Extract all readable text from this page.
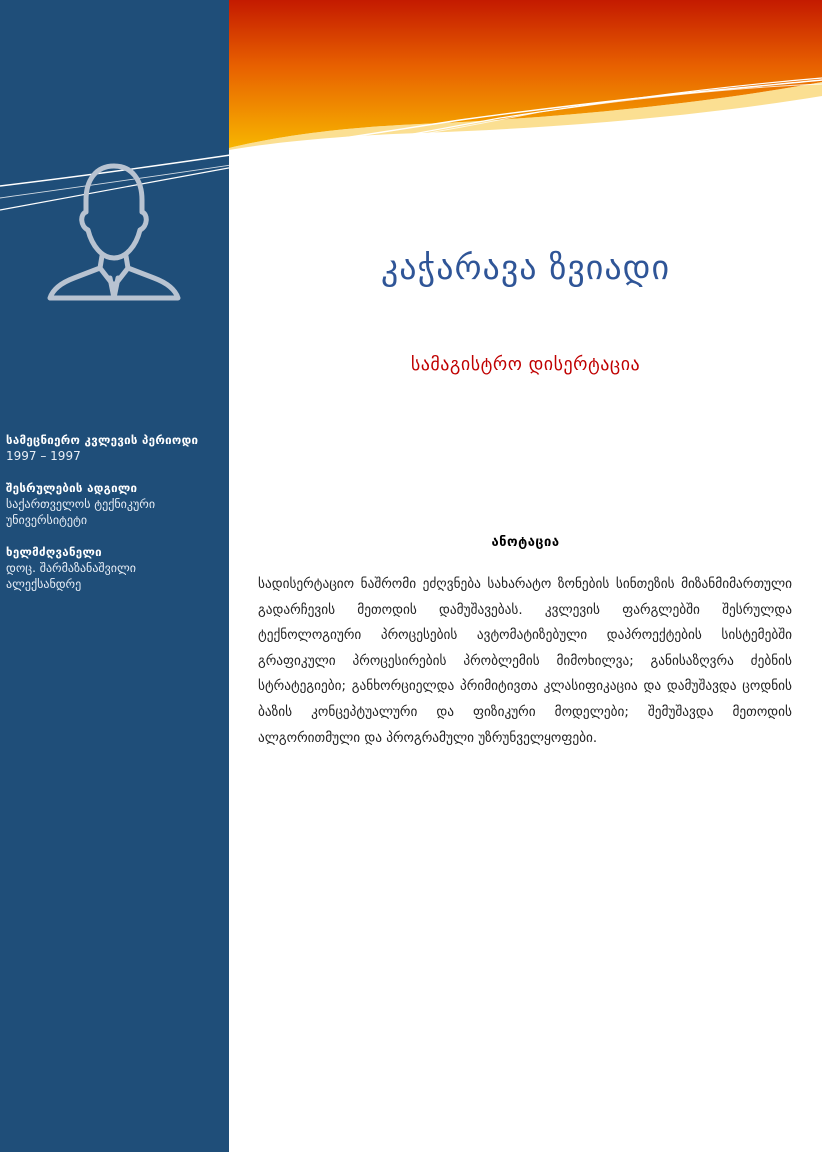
სამეცნიერო კვლევის პერიოდი
1997 – 1997
შესრულების ადგილი
საქართველოს ტექნიკური
უნივერსიტეტი
ხელმძღვანელი
დოც. შარმაზანაშვილი
ალექსანდრე
კაჭარავა ზვიადი
სამაგისტრო დისერტაცია
ანოტაცია
სადისერტაციო ნაშრომი ეძღვნება სახარატო ზონების სინთეზის მიზანმიმართული გადარჩევის მეთოდის დამუშავებას. კვლევის ფარგლებში შესრულდა ტექნოლოგიური პროცესების ავტომატიზებული დაპროექტების სისტემებში გრაფიკული პროცესირების პრობლემის მიმოხილვა; განისაზღვრა ძებნის სტრატეგიები; განხორციელდა პრიმიტივთა კლასიფიკაცია და დამუშავდა ცოდნის ბაზის კონცეპტუალური და ფიზიკური მოდელები; შემუშავდა მეთოდის ალგორითმული და პროგრამული უზრუნველყოფები.
